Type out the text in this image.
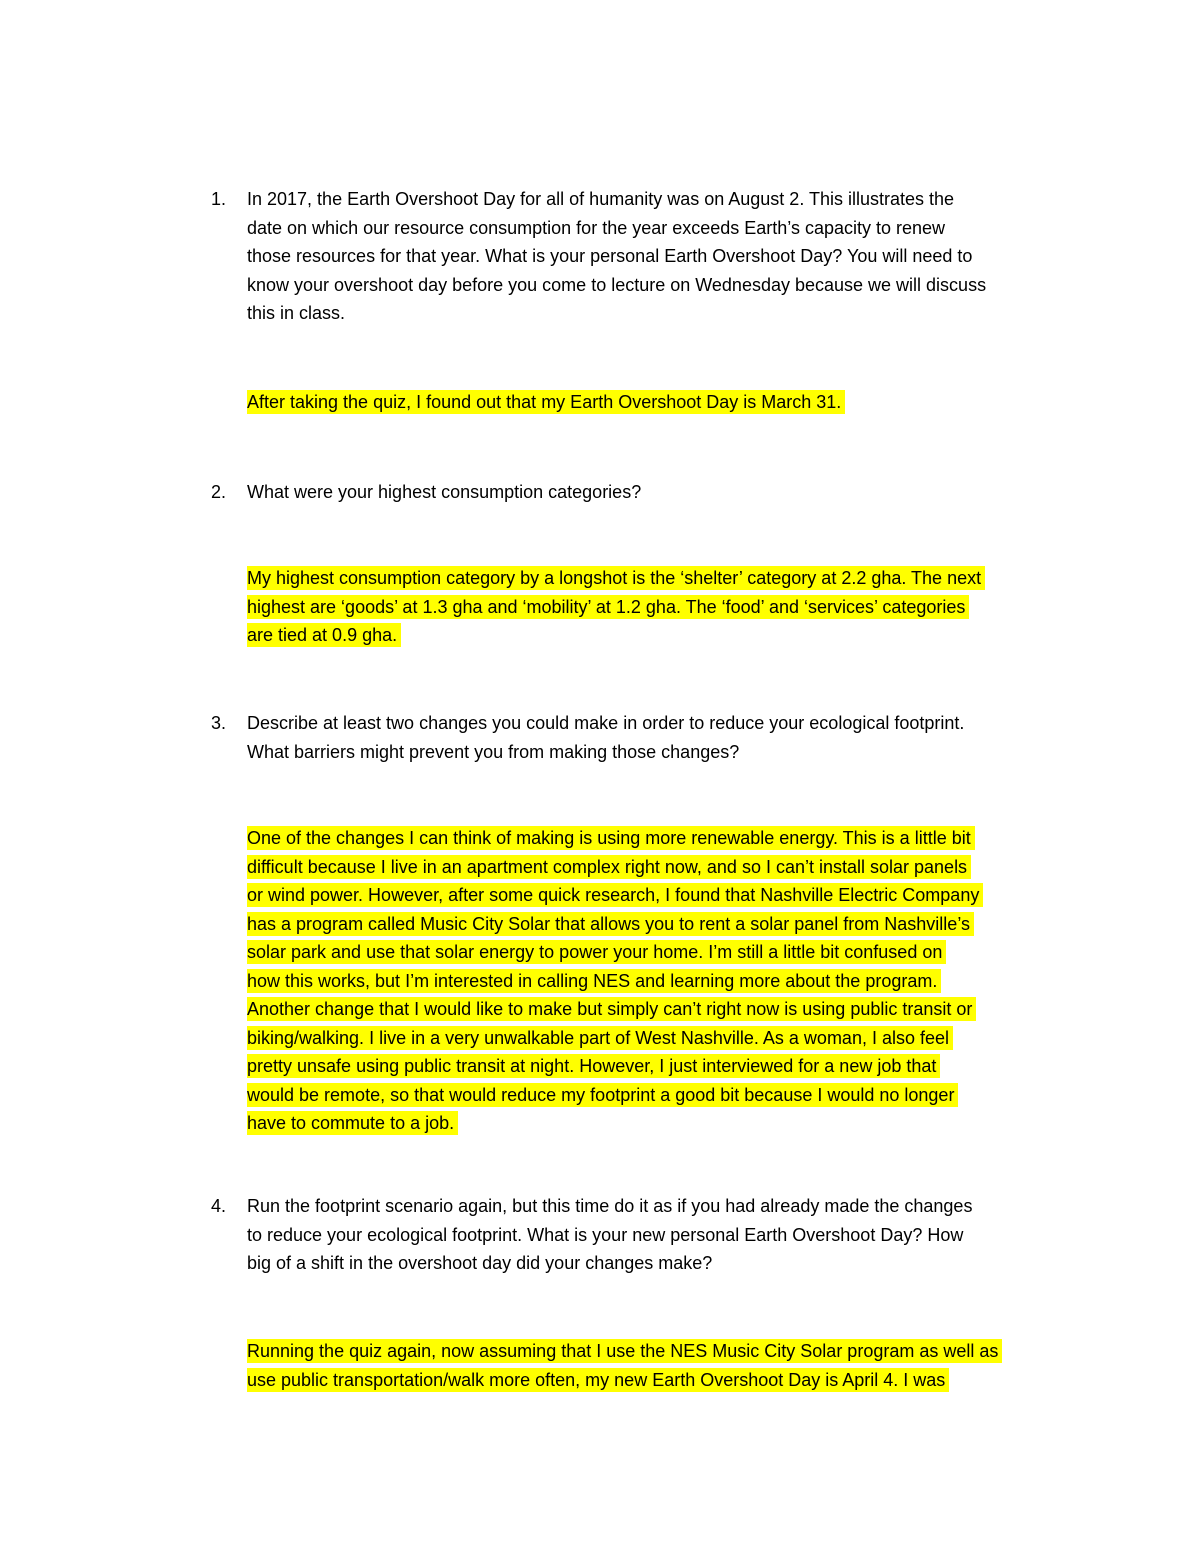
1. In 2017, the Earth Overshoot Day for all of humanity was on August 2. This illustrates the
date on which our resource consumption for the year exceeds Earth’s capacity to renew
those resources for that year. What is your personal Earth Overshoot Day? You will need to
know your overshoot day before you come to lecture on Wednesday because we will discuss
this in class.
After taking the quiz, I found out that my Earth Overshoot Day is March 31.
2. What were your highest consumption categories?
My highest consumption category by a longshot is the ‘shelter’ category at 2.2 gha. The next
highest are ‘goods’ at 1.3 gha and ‘mobility’ at 1.2 gha. The ‘food’ and ‘services’ categories
are tied at 0.9 gha.
3. Describe at least two changes you could make in order to reduce your ecological footprint.
What barriers might prevent you from making those changes?
One of the changes I can think of making is using more renewable energy. This is a little bit
difficult because I live in an apartment complex right now, and so I can’t install solar panels
or wind power. However, after some quick research, I found that Nashville Electric Company
has a program called Music City Solar that allows you to rent a solar panel from Nashville’s
solar park and use that solar energy to power your home. I’m still a little bit confused on
how this works, but I’m interested in calling NES and learning more about the program.
Another change that I would like to make but simply can’t right now is using public transit or
biking/walking. I live in a very unwalkable part of West Nashville. As a woman, I also feel
pretty unsafe using public transit at night. However, I just interviewed for a new job that
would be remote, so that would reduce my footprint a good bit because I would no longer
have to commute to a job.
4. Run the footprint scenario again, but this time do it as if you had already made the changes
to reduce your ecological footprint. What is your new personal Earth Overshoot Day? How
big of a shift in the overshoot day did your changes make?
Running the quiz again, now assuming that I use the NES Music City Solar program as well as
use public transportation/walk more often, my new Earth Overshoot Day is April 4. I was
